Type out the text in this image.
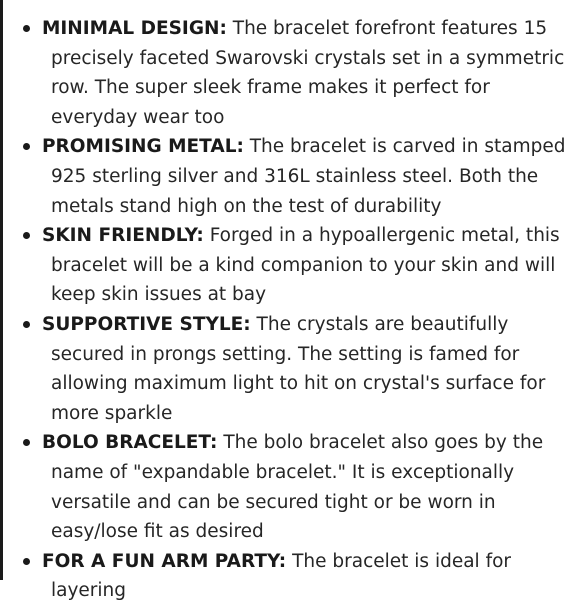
MINIMAL DESIGN: The bracelet forefront features 15 precisely faceted Swarovski crystals set in a symmetric row. The super sleek frame makes it perfect for everyday wear too
PROMISING METAL: The bracelet is carved in stamped 925 sterling silver and 316L stainless steel. Both the metals stand high on the test of durability
SKIN FRIENDLY: Forged in a hypoallergenic metal, this bracelet will be a kind companion to your skin and will keep skin issues at bay
SUPPORTIVE STYLE: The crystals are beautifully secured in prongs setting. The setting is famed for allowing maximum light to hit on crystal's surface for more sparkle
BOLO BRACELET: The bolo bracelet also goes by the name of "expandable bracelet." It is exceptionally versatile and can be secured tight or be worn in easy/lose fit as desired
FOR A FUN ARM PARTY: The bracelet is ideal for layering
